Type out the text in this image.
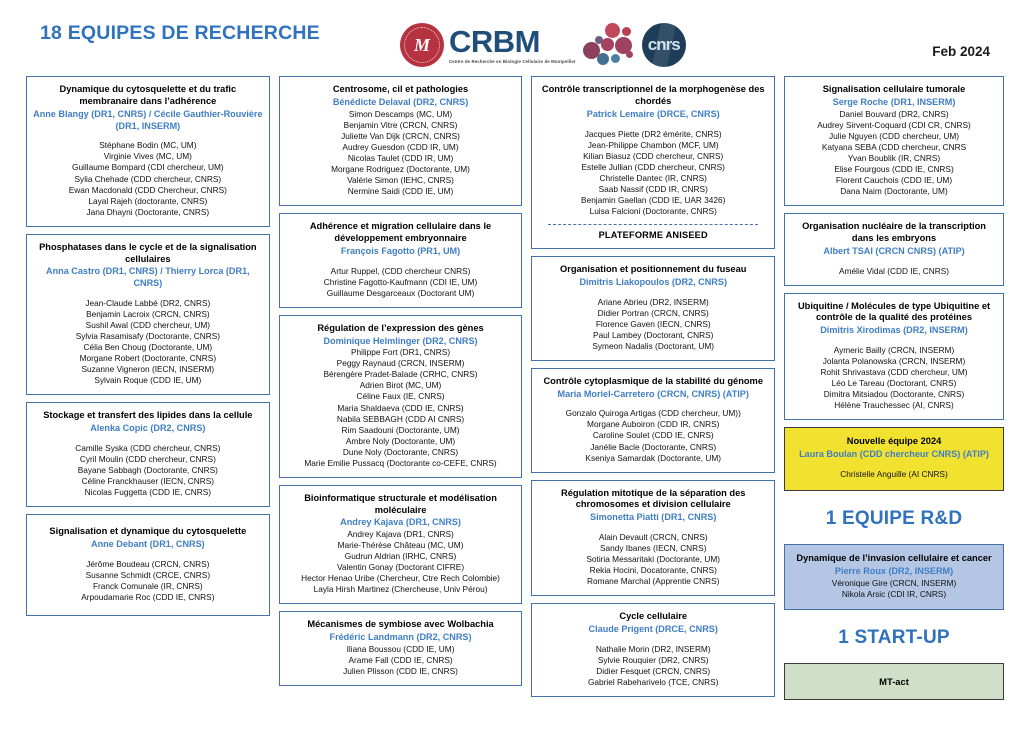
18 EQUIPES DE RECHERCHE
M CRBM
Centre de Recherche en Biologie Cellulaire de Montpellier
cnrs	Feb 2024
Dynamique du cytosquelette et du trafic membranaire dans l’adhérence
Anne Blangy (DR1, CNRS) / Cécile Gauthier-Rouvière (DR1, INSERM)
Stéphane Bodin (MC, UM)
Virginie Vives (MC, UM)
Guillaume Bompard (CDI chercheur, UM)
Sylia Chehade (CDD chercheur, CNRS)
Ewan Macdonald (CDD Chercheur, CNRS)
Layal Rajeh (doctorante, CNRS)
Jana Dhayni (Doctorante, CNRS)
Phosphatases dans le cycle et de la signalisation cellulaires
Anna Castro (DR1, CNRS) / Thierry Lorca (DR1, CNRS)
Jean-Claude Labbé (DR2, CNRS)
Benjamin Lacroix (CRCN, CNRS)
Sushil Awal (CDD chercheur, UM)
Sylvia Rasamisafy (Doctorante, CNRS)
Célia Ben Choug (Doctorante, UM)
Morgane Robert (Doctorante, CNRS)
Suzanne Vigneron (IECN, INSERM)
Sylvain Roque (CDD IE, UM)
Stockage et transfert des lipides dans la cellule
Alenka Copic (DR2, CNRS)
Camille Syska (CDD chercheur, CNRS)
Cyril Moulin (CDD chercheur, CNRS)
Bayane Sabbagh (Doctorante, CNRS)
Céline Franckhauser (IECN, CNRS)
Nicolas Fuggetta (CDD IE, CNRS)
Signalisation et dynamique du cytosquelette
Anne Debant (DR1, CNRS)
Jérôme Boudeau (CRCN, CNRS)
Susanne Schmidt (CRCE, CNRS)
Franck Comunale (IR, CNRS)
Arpoudamarie Roc (CDD IE, CNRS)
Centrosome, cil et pathologies
Bénédicte Delaval (DR2, CNRS)
Simon Descamps (MC, UM)
Benjamin Vitre (CRCN, CNRS)
Juliette Van Dijk (CRCN, CNRS)
Audrey Guesdon (CDD IR, UM)
Nicolas Taulet (CDD IR, UM)
Morgane Rodriguez (Doctorante, UM)
Valérie Simon (IEHC, CNRS)
Nermine Saidi (CDD IE, UM)
Adhérence et migration cellulaire dans le développement embryonnaire
François Fagotto (PR1, UM)
Artur Ruppel, (CDD chercheur CNRS)
Christine Fagotto-Kaufmann (CDI IE, UM)
Guillaume Desgarceaux (Doctorant UM)
Régulation de l’expression des gènes
Dominique Helmlinger (DR2, CNRS)
Philippe Fort (DR1, CNRS)
Peggy Raynaud (CRCN, INSERM)
Bérengère Pradet-Balade (CRHC, CNRS)
Adrien Birot (MC, UM)
Céline Faux (IE, CNRS)
Maria Shaldaeva (CDD IE, CNRS)
Nabila SEBBAGH (CDD AI CNRS)
Rim Saadouni (Doctorante, UM)
Ambre Noly (Doctorante, UM)
Dune Noly (Doctorante, CNRS)
Marie Emilie Pussacq (Doctorante co-CEFE, CNRS)
Bioinformatique structurale et modélisation moléculaire
Andrey Kajava (DR1, CNRS)
Andrey Kajava (DR1, CNRS)
Marie-Thérèse Château (MC, UM)
Gudrun Aldrian (IRHC, CNRS)
Valentin Gonay (Doctorant CIFRE)
Hector Henao Uribe (Chercheur, Ctre Rech Colombie)
Layla Hirsh Martinez (Chercheuse, Univ Pérou)
Mécanismes de symbiose avec Wolbachia
Frédéric Landmann (DR2, CNRS)
Iliana Boussou (CDD IE, UM)
Arame Fall (CDD IE, CNRS)
Julien Plisson (CDD IE, CNRS)
Contrôle transcriptionnel de la morphogenèse des chordés
Patrick Lemaire (DRCE, CNRS)
Jacques Piette (DR2 émérite, CNRS)
Jean-Philippe Chambon (MCF, UM)
Kilian Biasuz (CDD chercheur, CNRS)
Estelle Jullian (CDD chercheur, CNRS)
Christelle Dantec (IR, CNRS)
Saab Nassif (CDD IR, CNRS)
Benjamin Gaellan (CDD IE, UAR 3426)
Luisa Falcioni (Doctorante, CNRS)
PLATEFORME ANISEED
Organisation et positionnement du fuseau
Dimitris Liakopoulos (DR2, CNRS)
Ariane Abrieu (DR2, INSERM)
Didier Portran (CRCN, CNRS)
Florence Gaven (IECN, CNRS)
Paul Lambey (Doctorant, CNRS)
Symeon Nadalis (Doctorant, UM)
Contrôle cytoplasmique de la stabilité du génome
María Moriel-Carretero (CRCN, CNRS) (ATIP)
Gonzalo Quiroga Artigas (CDD chercheur, UM))
Morgane Auboiron (CDD IR, CNRS)
Caroline Soulet (CDD IE, CNRS)
Janélie Bacle (Doctorante, CNRS)
Kseniya Samardak (Doctorante, UM)
Régulation mitotique de la séparation des chromosomes et division cellulaire
Simonetta Piatti (DR1, CNRS)
Alain Devault (CRCN, CNRS)
Sandy Ibanes (IECN, CNRS)
Sotiria Messaritaki (Doctorante, UM)
Rekia Hocini, Docatorante, CNRS)
Romane Marchal (Apprentie CNRS)
Cycle cellulaire
Claude Prigent (DRCE, CNRS)
Nathalie Morin (DR2, INSERM)
Sylvie Rouquier (DR2, CNRS)
Didier Fesquet (CRCN, CNRS)
Gabriel Rabeharivelo (TCE, CNRS)
Signalisation cellulaire tumorale
Serge Roche (DR1, INSERM)
Daniel Bouvard (DR2, CNRS)
Audrey Sirvent-Coquard (CDI CR, CNRS)
Julie Nguyen (CDD chercheur, UM)
Katyana SEBA (CDD chercheur, CNRS
Yvan Boublik (IR, CNRS)
Elise Fourgous (CDD IE, CNRS)
Florent Cauchois (CDD IE, UM)
Dana Naim (Doctorante, UM)
Organisation nucléaire de la transcription dans les embryons
Albert TSAI (CRCN CNRS) (ATIP)
Amélie Vidal (CDD IE, CNRS)
Ubiquitine / Molécules de type Ubiquitine et contrôle de la qualité des protéines
Dimitris Xirodimas (DR2, INSERM)
Aymeric Bailly (CRCN, INSERM)
Jolanta Polanowska (CRCN, INSERM)
Rohit Shrivastava (CDD chercheur, UM)
Léo Le Tareau (Doctorant, CNRS)
Dimitra Mitsiadou (Doctorante, CNRS)
Hélène Trauchessec (AI, CNRS)
Nouvelle équipe 2024
Laura Boulan (CDD chercheur CNRS) (ATIP)
Christelle Anguille (AI CNRS)
1 EQUIPE R&D
Dynamique de l’invasion cellulaire et cancer
Pierre Roux (DR2, INSERM)
Véronique Gire (CRCN, INSERM)
Nikola Arsic (CDI IR, CNRS)
1 START-UP
MT-act
